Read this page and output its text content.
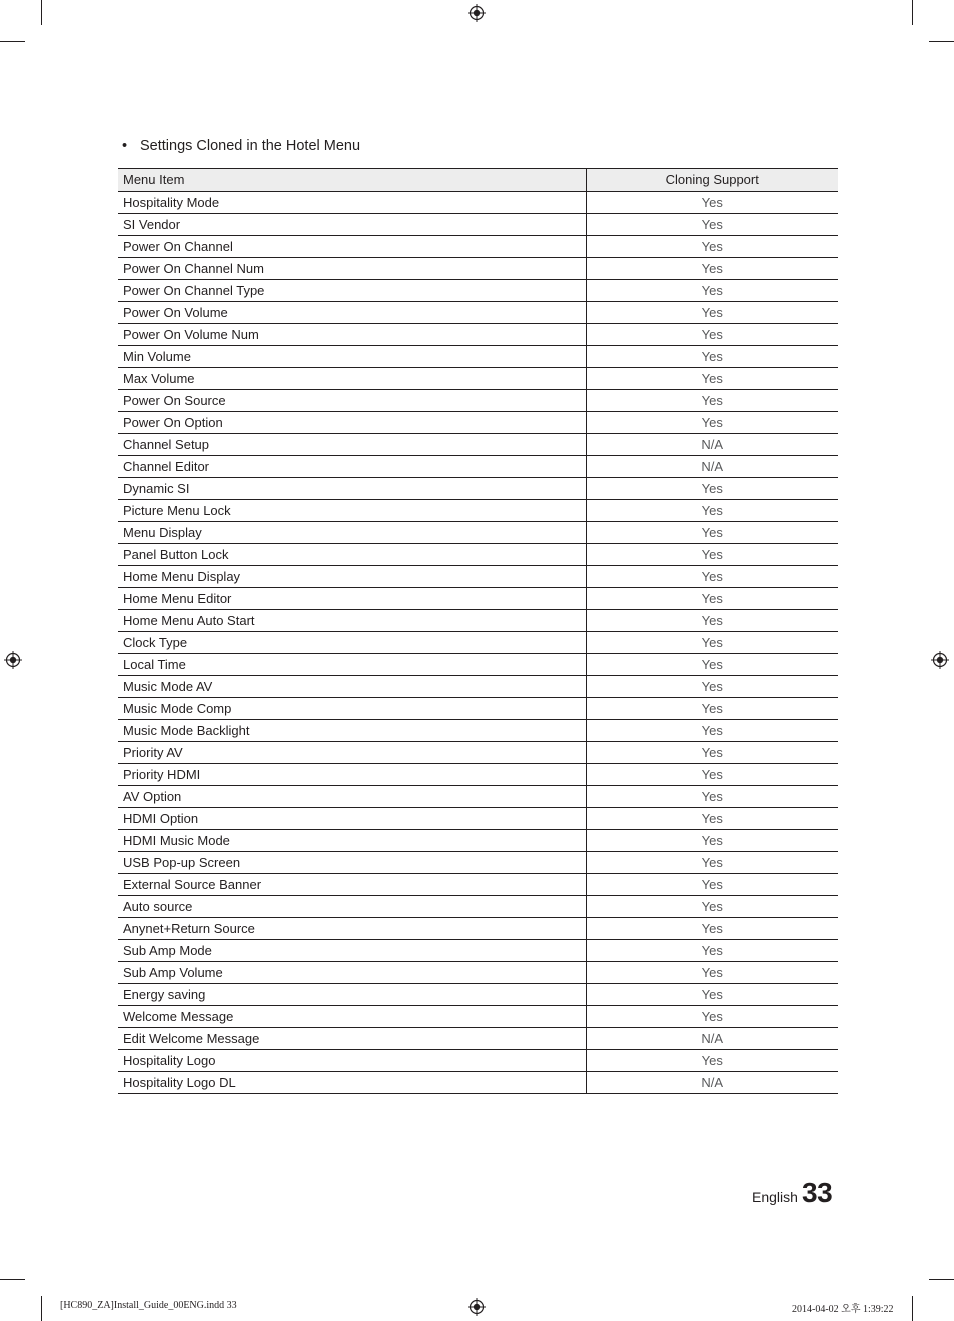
• Settings Cloned in the Hotel Menu
Menu Item	Cloning Support
Hospitality Mode	Yes
SI Vendor	Yes
Power On Channel	Yes
Power On Channel Num	Yes
Power On Channel Type	Yes
Power On Volume	Yes
Power On Volume Num	Yes
Min Volume	Yes
Max Volume	Yes
Power On Source	Yes
Power On Option	Yes
Channel Setup	N/A
Channel Editor	N/A
Dynamic SI	Yes
Picture Menu Lock	Yes
Menu Display	Yes
Panel Button Lock	Yes
Home Menu Display	Yes
Home Menu Editor	Yes
Home Menu Auto Start	Yes
Clock Type	Yes
Local Time	Yes
Music Mode AV	Yes
Music Mode Comp	Yes
Music Mode Backlight	Yes
Priority AV	Yes
Priority HDMI	Yes
AV Option	Yes
HDMI Option	Yes
HDMI Music Mode	Yes
USB Pop-up Screen	Yes
External Source Banner	Yes
Auto source	Yes
Anynet+Return Source	Yes
Sub Amp Mode	Yes
Sub Amp Volume	Yes
Energy saving	Yes
Welcome Message	Yes
Edit Welcome Message	N/A
Hospitality Logo	Yes
Hospitality Logo DL	N/A
English 33
[HC890_ZA]Install_Guide_00ENG.indd 33	2014-04-02 오후 1:39:22
